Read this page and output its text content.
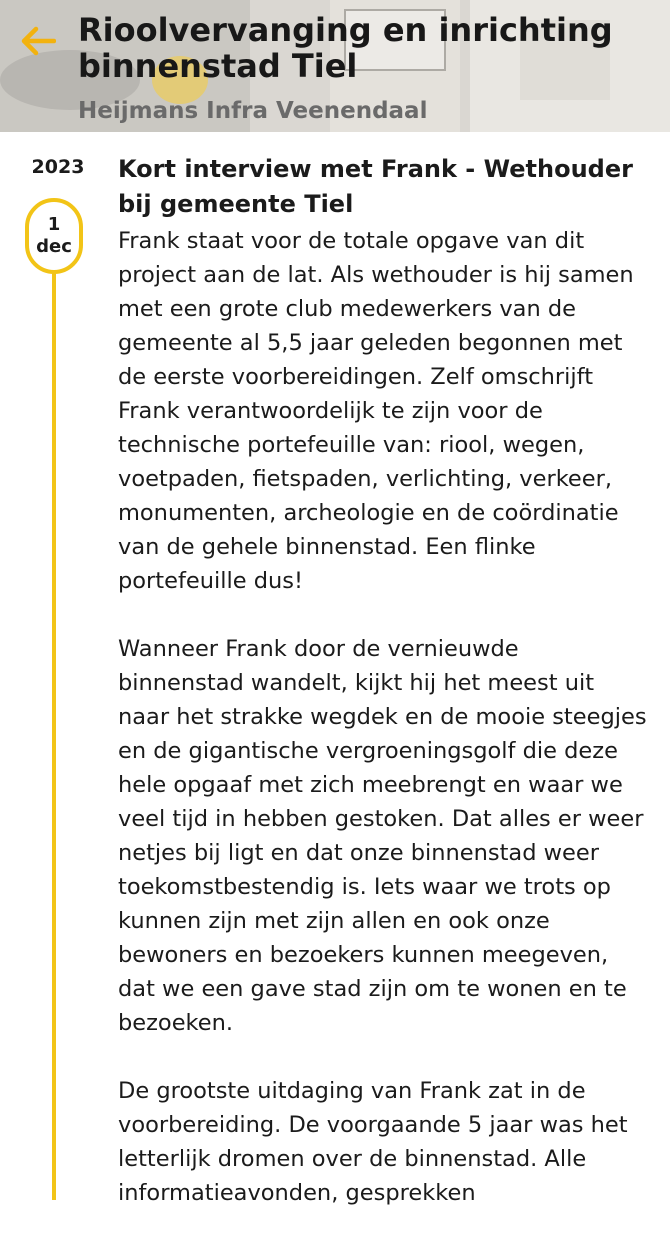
Rioolvervanging en inrichting binnenstad Tiel
Heijmans Infra Veenendaal
2023
1
dec
Kort interview met Frank - Wethouder bij gemeente Tiel

Frank staat voor de totale opgave van dit project aan de lat. Als wethouder is hij samen met een grote club medewerkers van de gemeente al 5,5 jaar geleden begonnen met de eerste voorbereidingen. Zelf omschrijft Frank verantwoordelijk te zijn voor de technische portefeuille van: riool, wegen, voetpaden, fietspaden, verlichting, verkeer, monumenten, archeologie en de coördinatie van de gehele binnenstad. Een flinke portefeuille dus!

Wanneer Frank door de vernieuwde binnenstad wandelt, kijkt hij het meest uit naar het strakke wegdek en de mooie steegjes en de gigantische vergroeningsgolf die deze hele opgaaf met zich meebrengt en waar we veel tijd in hebben gestoken. Dat alles er weer netjes bij ligt en dat onze binnenstad weer toekomstbestendig is. Iets waar we trots op kunnen zijn met zijn allen en ook onze bewoners en bezoekers kunnen meegeven, dat we een gave stad zijn om te wonen en te bezoeken.

De grootste uitdaging van Frank zat in de voorbereiding. De voorgaande 5 jaar was het letterlijk dromen over de binnenstad. Alle informatieavonden, gesprekken
